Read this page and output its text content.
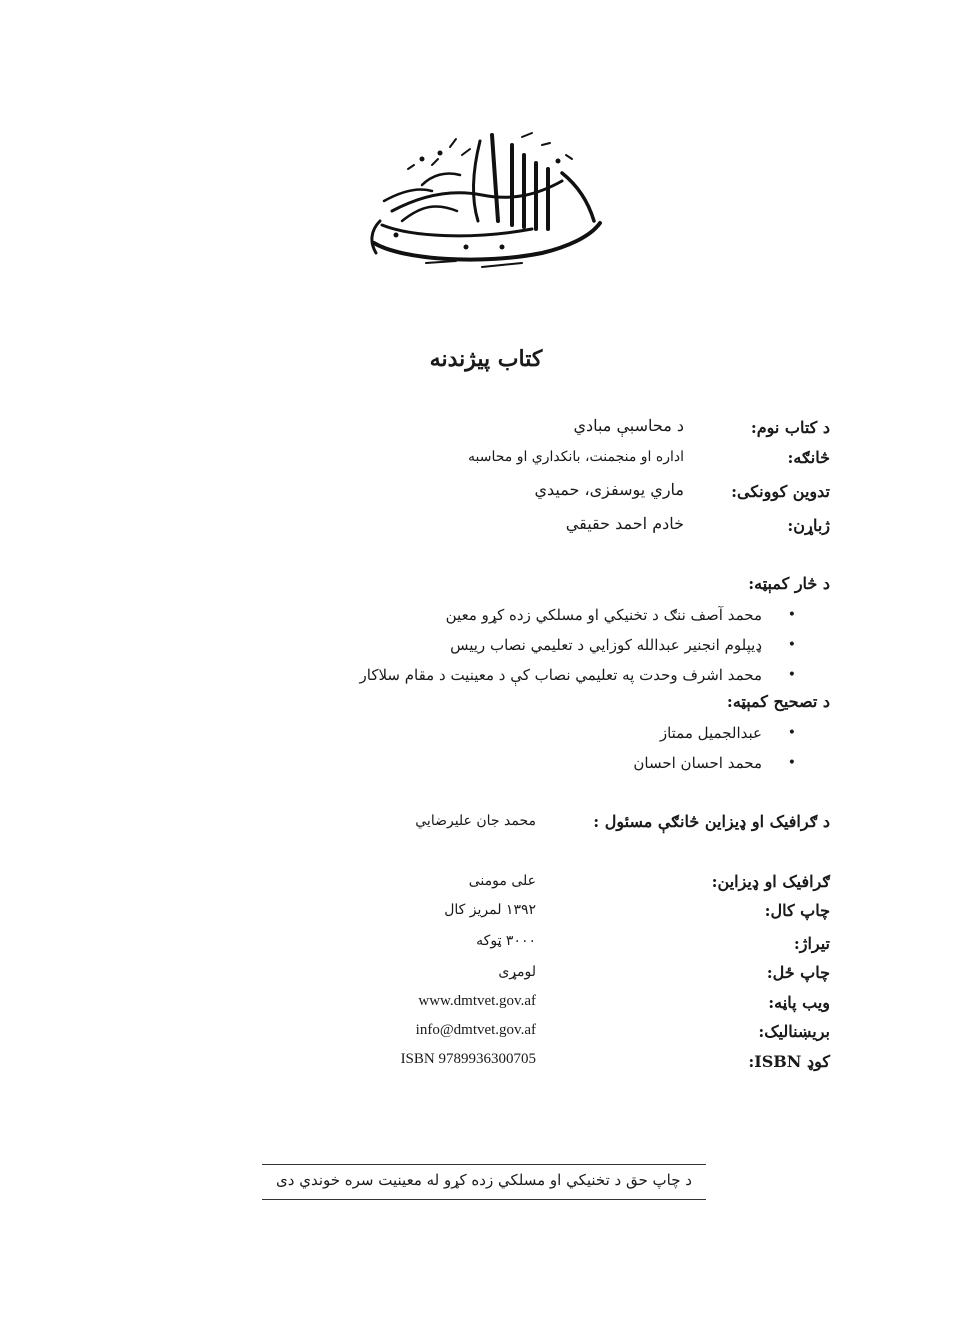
کتاب پیژندنه
د کتاب نوم:
د محاسبې مبادي
څانګه:
اداره او منجمنت، بانکداري او محاسبه
تدوين کوونکی:
ماري یوسفزی، حمیدي
ژباړن:
خادم احمد حقيقي
د څار کمېټه:
• محمد آصف ننګ د تخنیکي او مسلکي زده کړو معین
• ډيپلوم انجنير عبدالله کوزایي د تعلیمي نصاب رييس
• محمد اشرف وحدت په تعلیمي نصاب کې د معينيت د مقام سلاکار
د تصحیح کمېټه:
• عبدالجميل ممتاز
• محمد احسان احسان
د ګرافیک او ډیزاین څانګې مسئول :
محمد جان عليرضايي
ګرافیک او ډیزاین:
علی مومنی
چاپ کال:
۱۳۹۲ لمريز کال
تيراژ:
۳۰۰۰ ټوکه
چاپ ځل:
لومړی
ویب پاڼه:
www.dmtvet.gov.af
بریښنالیک:
info@dmtvet.gov.af
کوډ ISBN:
ISBN 9789936300705
د چاپ حق د تخنیکي او مسلکي زده کړو له معینیت سره خوندي دی
